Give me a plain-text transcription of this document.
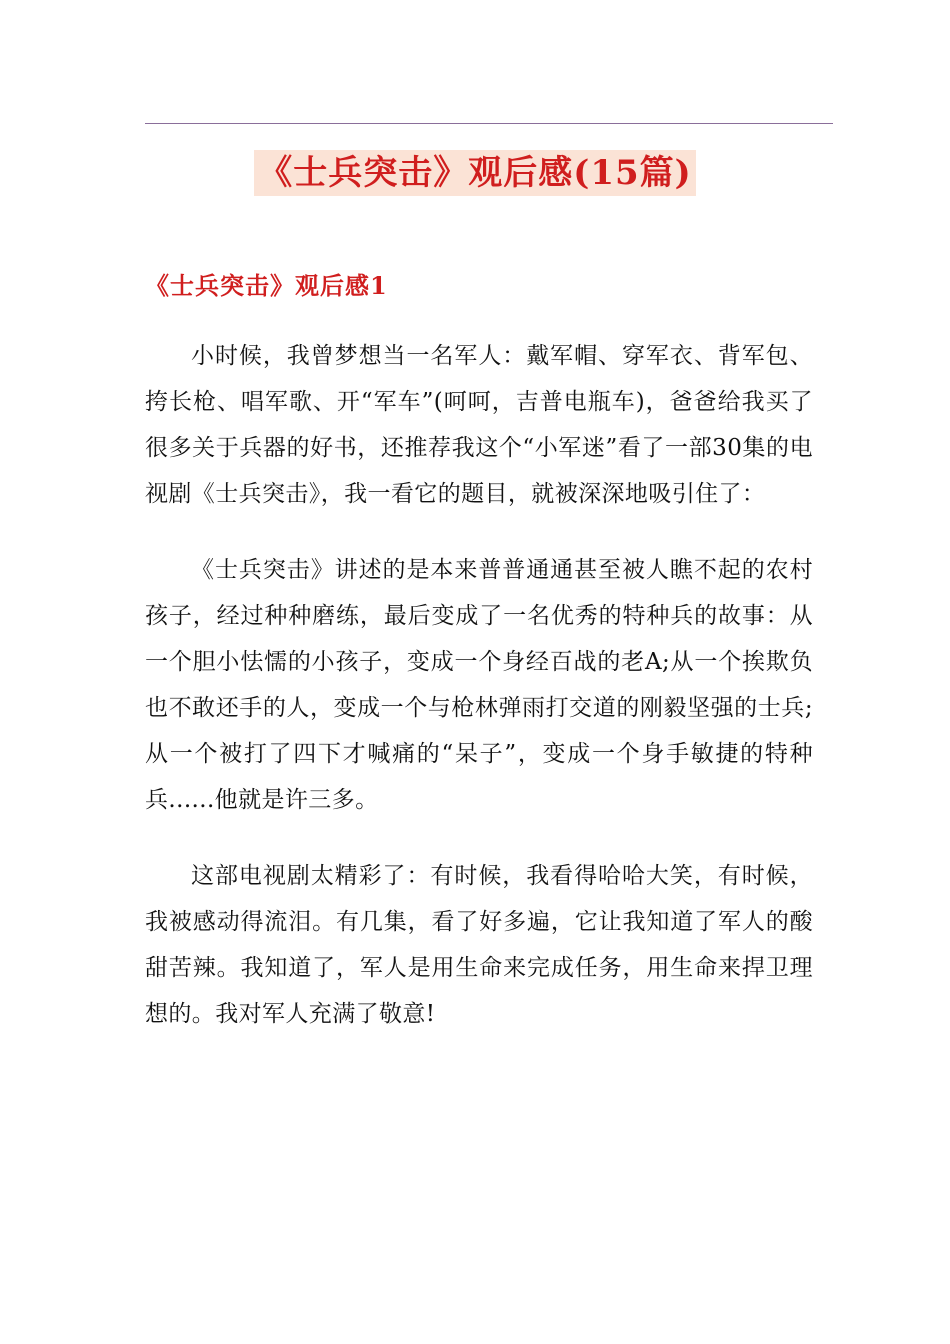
《士兵突击》观后感(15篇)
《士兵突击》观后感1

小时候，我曾梦想当一名军人：戴军帽、穿军衣、背军包、挎长枪、唱军歌、开“军车”(呵呵，吉普电瓶车)，爸爸给我买了很多关于兵器的好书，还推荐我这个“小军迷”看了一部30集的电视剧《士兵突击》，我一看它的题目，就被深深地吸引住了：

《士兵突击》讲述的是本来普普通通甚至被人瞧不起的农村孩子，经过种种磨练，最后变成了一名优秀的特种兵的故事：从一个胆小怯懦的小孩子，变成一个身经百战的老A;从一个挨欺负也不敢还手的人，变成一个与枪林弹雨打交道的刚毅坚强的士兵;从一个被打了四下才喊痛的“呆子”，变成一个身手敏捷的特种兵......他就是许三多。

这部电视剧太精彩了：有时候，我看得哈哈大笑，有时候，我被感动得流泪。有几集，看了好多遍，它让我知道了军人的酸甜苦辣。我知道了，军人是用生命来完成任务，用生命来捍卫理想的。我对军人充满了敬意!
